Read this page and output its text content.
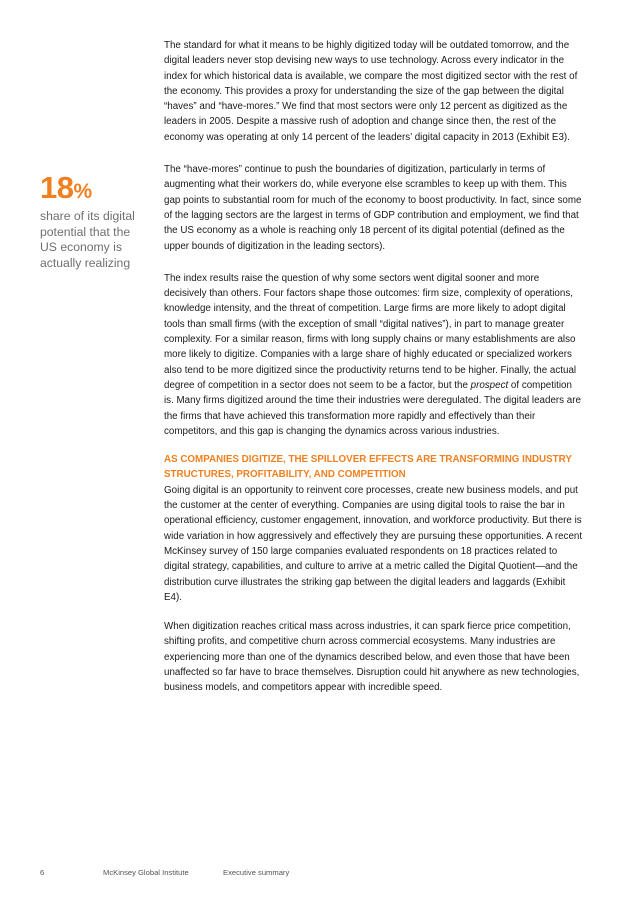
The standard for what it means to be highly digitized today will be outdated tomorrow, and the digital leaders never stop devising new ways to use technology. Across every indicator in the index for which historical data is available, we compare the most digitized sector with the rest of the economy. This provides a proxy for understanding the size of the gap between the digital “haves” and “have-mores.” We find that most sectors were only 12 percent as digitized as the leaders in 2005. Despite a massive rush of adoption and change since then, the rest of the economy was operating at only 14 percent of the leaders’ digital capacity in 2013 (Exhibit E3).

The “have-mores” continue to push the boundaries of digitization, particularly in terms of augmenting what their workers do, while everyone else scrambles to keep up with them. This gap points to substantial room for much of the economy to boost productivity. In fact, since some of the lagging sectors are the largest in terms of GDP contribution and employment, we find that the US economy as a whole is reaching only 18 percent of its digital potential (defined as the upper bounds of digitization in the leading sectors).

The index results raise the question of why some sectors went digital sooner and more decisively than others. Four factors shape those outcomes: firm size, complexity of operations, knowledge intensity, and the threat of competition. Large firms are more likely to adopt digital tools than small firms (with the exception of small “digital natives”), in part to manage greater complexity. For a similar reason, firms with long supply chains or many establishments are also more likely to digitize. Companies with a large share of highly educated or specialized workers also tend to be more digitized since the productivity returns tend to be higher. Finally, the actual degree of competition in a sector does not seem to be a factor, but the prospect of competition is. Many firms digitized around the time their industries were deregulated. The digital leaders are the firms that have achieved this transformation more rapidly and effectively than their competitors, and this gap is changing the dynamics across various industries.

AS COMPANIES DIGITIZE, THE SPILLOVER EFFECTS ARE TRANSFORMING INDUSTRY STRUCTURES, PROFITABILITY, AND COMPETITION

Going digital is an opportunity to reinvent core processes, create new business models, and put the customer at the center of everything. Companies are using digital tools to raise the bar in operational efficiency, customer engagement, innovation, and workforce productivity. But there is wide variation in how aggressively and effectively they are pursuing these opportunities. A recent McKinsey survey of 150 large companies evaluated respondents on 18 practices related to digital strategy, capabilities, and culture to arrive at a metric called the Digital Quotient—and the distribution curve illustrates the striking gap between the digital leaders and laggards (Exhibit E4).

When digitization reaches critical mass across industries, it can spark fierce price competition, shifting profits, and competitive churn across commercial ecosystems. Many industries are experiencing more than one of the dynamics described below, and even those that have been unaffected so far have to brace themselves. Disruption could hit anywhere as new technologies, business models, and competitors appear with incredible speed.

18%
share of its digital potential that the US economy is actually realizing
6	McKinsey Global Institute	Executive summary
